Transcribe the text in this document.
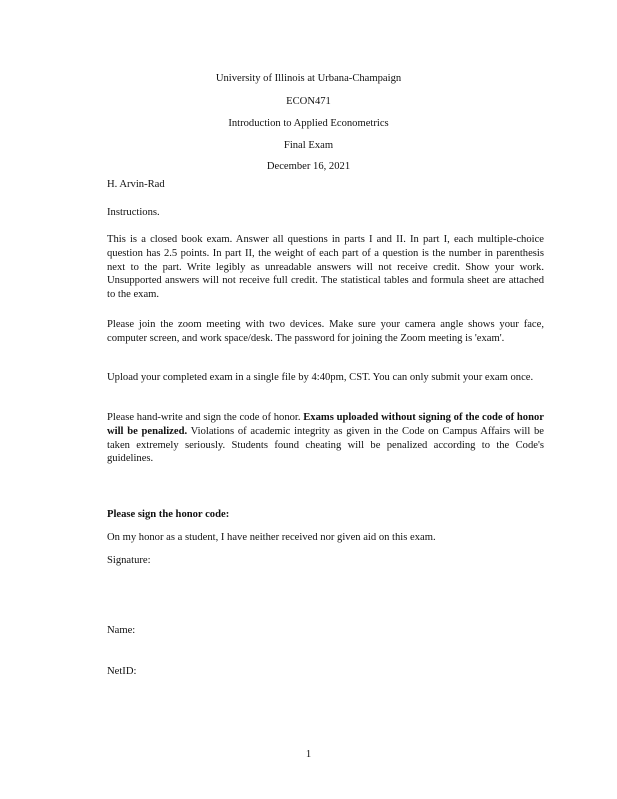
University of Illinois at Urbana-Champaign

ECON471

Introduction to Applied Econometrics

Final Exam

December 16, 2021

H. Arvin-Rad

Instructions.

This is a closed book exam. Answer all questions in parts I and II. In part I, each multiple-choice question has 2.5 points. In part II, the weight of each part of a question is the number in parenthesis next to the part. Write legibly as unreadable answers will not receive credit. Show your work. Unsupported answers will not receive full credit. The statistical tables and formula sheet are attached to the exam.

Please join the zoom meeting with two devices. Make sure your camera angle shows your face, computer screen, and work space/desk. The password for joining the Zoom meeting is 'exam'.

Upload your completed exam in a single file by 4:40pm, CST. You can only submit your exam once.

Please hand-write and sign the code of honor. Exams uploaded without signing of the code of honor will be penalized. Violations of academic integrity as given in the Code on Campus Affairs will be taken extremely seriously. Students found cheating will be penalized according to the Code's guidelines.

Please sign the honor code:

On my honor as a student, I have neither received nor given aid on this exam.

Signature:

Name:

NetID:

1
